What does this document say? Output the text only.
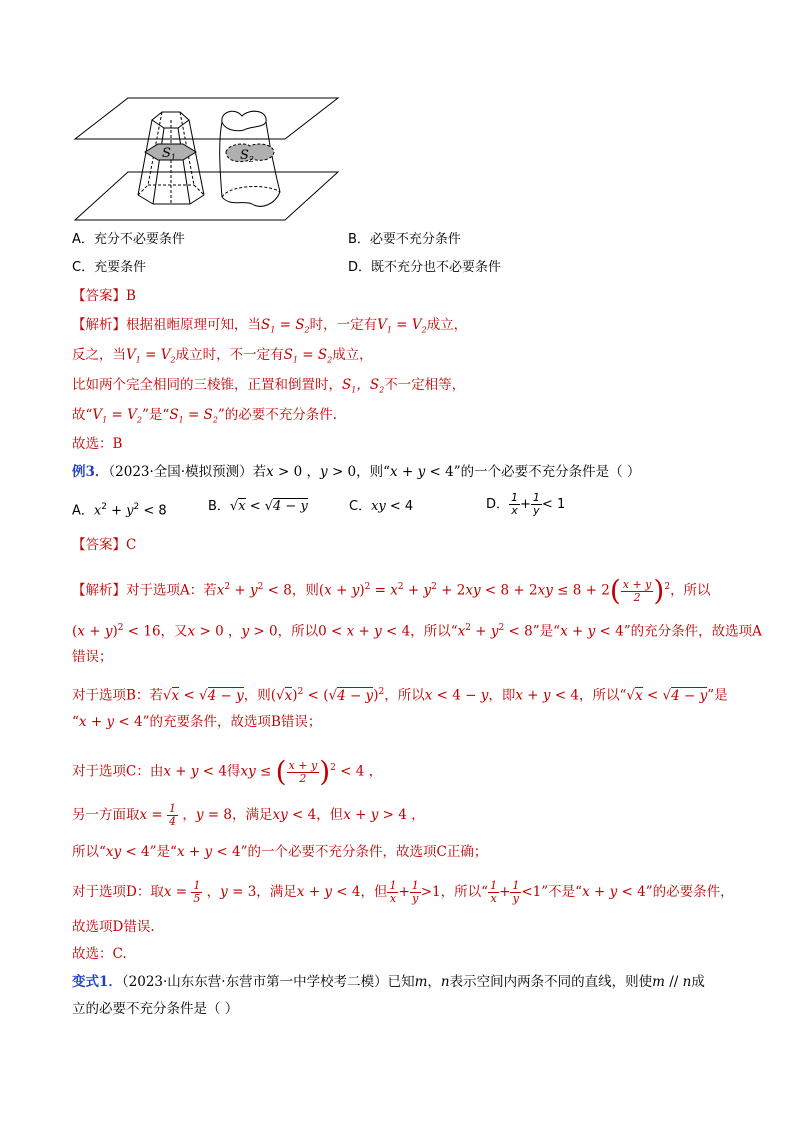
$S_1$	$S_2$
A．充分不必要条件	B．必要不充分条件
C．充要条件	D．既不充分也不必要条件
【答案】B
【解析】根据祖暅原理可知，当$S_1 = S_2$时，一定有$V_1 = V_2$成立，
反之，当$V_1 = V_2$成立时，不一定有$S_1 = S_2$成立，
比如两个完全相同的三棱锥，正置和倒置时，$S_1$，$S_2$不一定相等，
故“$V_1 = V_2$”是“$S_1 = S_2$”的必要不充分条件.
故选：B
例3．（2023·全国·模拟预测）若x > 0 ，y > 0，则“x + y < 4”的一个必要不充分条件是（ ）
A．$x^2 + y^2 < 8$	B．√x < √4 − y	C．xy < 4	D． $\frac{1}{x} + \frac{1}{y} < 1$
【答案】C
【解析】对于选项A：若$x^2 + y^2 < 8$，则$(x + y)^2 = x^2 + y^2 + 2xy < 8 + 2xy \le 8 + 2( \frac{x + y}{2} )^2$，所以
$(x + y)^2 < 16$，又x > 0 ，y > 0，所以0 < x + y < 4，所以“$x^2 + y^2 < 8$”是“x + y < 4”的充分条件，故选项A
错误；
对于选项B：若√x < √4 − y，则$(√x)^2 < (√4 - y)^2$，所以x < 4 − y，即x + y < 4，所以“√x < √4 − y”是
“x + y < 4”的充要条件，故选项B错误；
对于选项C：由x + y < 4得xy ≤ ( $\frac{x + y}{2} )^2 < 4$ ，
另一方面取$x = \frac{1}{4}$ ，y = 8，满足xy < 4，但x + y > 4 ，
所以“xy < 4”是“x + y < 4”的一个必要不充分条件，故选项C正确；
对于选项D：取$x = \frac{1}{5}$ ，y = 3，满足x + y < 4，但 $\frac{1}{x} + \frac{1}{y} >1$，所以“ $\frac{1}{x} + \frac{1}{y} <1$”不是“x + y < 4”的必要条件，
故选项D错误.
故选：C.
变式1．（2023·山东东营·东营市第一中学校考二模）已知m，n表示空间内两条不同的直线，则使m // n成
立的必要不充分条件是（ ）
